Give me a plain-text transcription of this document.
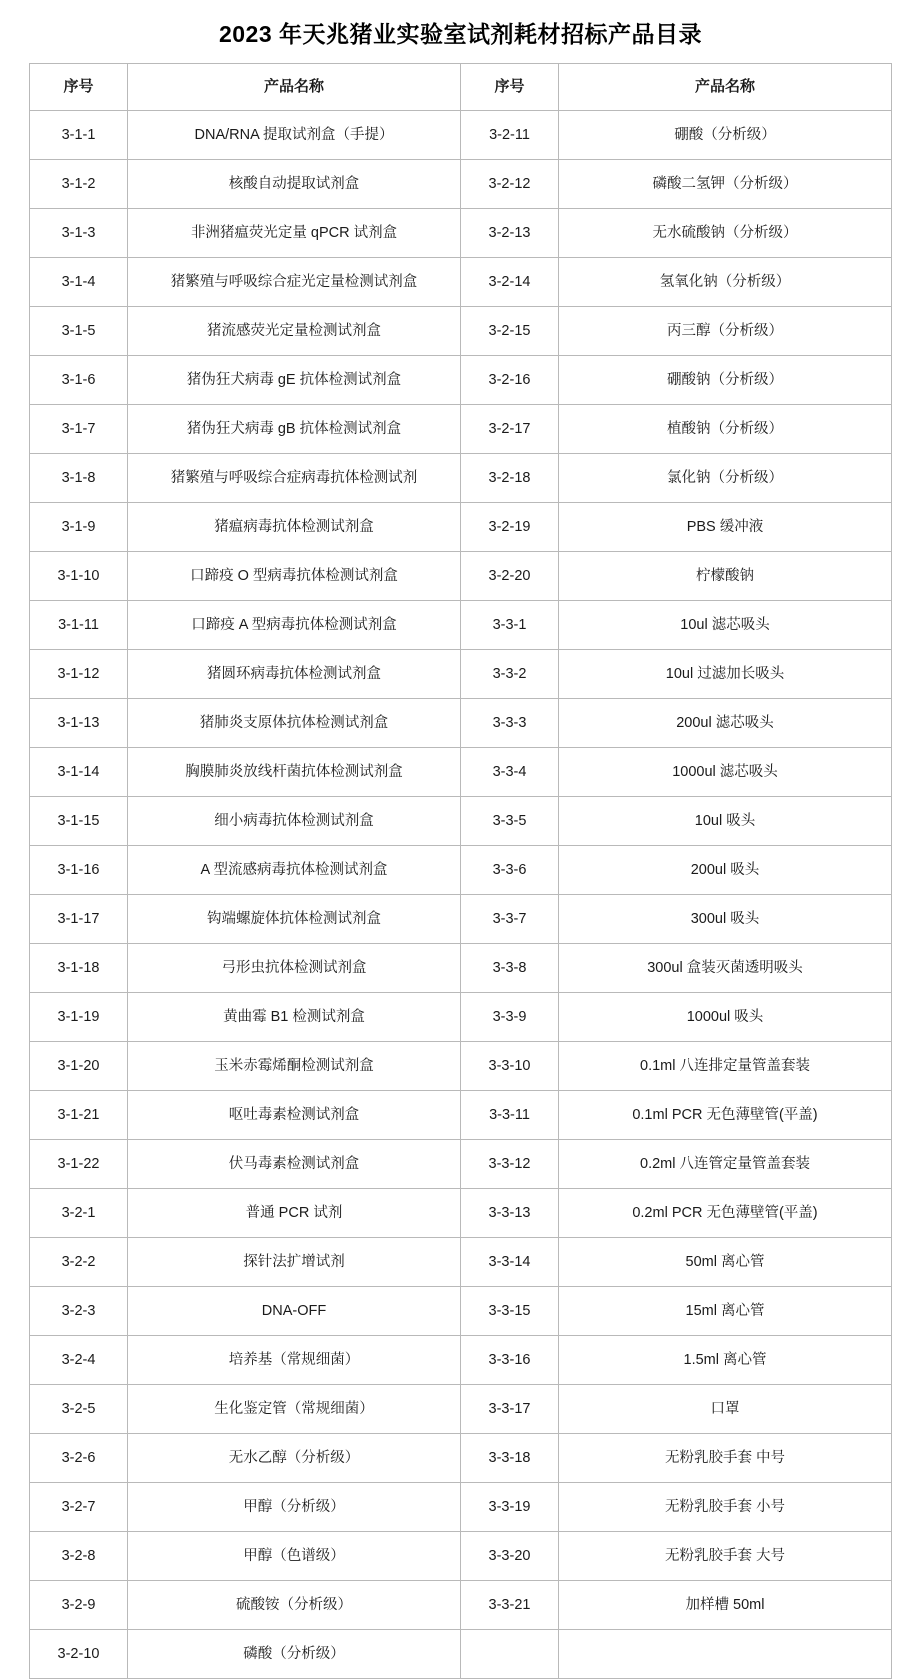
2023 年天兆猪业实验室试剂耗材招标产品目录
序号	产品名称	序号	产品名称
3-1-1	DNA/RNA 提取试剂盒（手提）	3-2-11	硼酸（分析级）
3-1-2	核酸自动提取试剂盒	3-2-12	磷酸二氢钾（分析级）
3-1-3	非洲猪瘟荧光定量 qPCR 试剂盒	3-2-13	无水硫酸钠（分析级）
3-1-4	猪繁殖与呼吸综合症光定量检测试剂盒	3-2-14	氢氧化钠（分析级）
3-1-5	猪流感荧光定量检测试剂盒	3-2-15	丙三醇（分析级）
3-1-6	猪伪狂犬病毒 gE 抗体检测试剂盒	3-2-16	硼酸钠（分析级）
3-1-7	猪伪狂犬病毒 gB 抗体检测试剂盒	3-2-17	植酸钠（分析级）
3-1-8	猪繁殖与呼吸综合症病毒抗体检测试剂	3-2-18	氯化钠（分析级）
3-1-9	猪瘟病毒抗体检测试剂盒	3-2-19	PBS 缓冲液
3-1-10	口蹄疫 O 型病毒抗体检测试剂盒	3-2-20	柠檬酸钠
3-1-11	口蹄疫 A 型病毒抗体检测试剂盒	3-3-1	10ul 滤芯吸头
3-1-12	猪圆环病毒抗体检测试剂盒	3-3-2	10ul 过滤加长吸头
3-1-13	猪肺炎支原体抗体检测试剂盒	3-3-3	200ul 滤芯吸头
3-1-14	胸膜肺炎放线杆菌抗体检测试剂盒	3-3-4	1000ul 滤芯吸头
3-1-15	细小病毒抗体检测试剂盒	3-3-5	10ul 吸头
3-1-16	A 型流感病毒抗体检测试剂盒	3-3-6	200ul 吸头
3-1-17	钩端螺旋体抗体检测试剂盒	3-3-7	300ul 吸头
3-1-18	弓形虫抗体检测试剂盒	3-3-8	300ul 盒装灭菌透明吸头
3-1-19	黄曲霉 B1 检测试剂盒	3-3-9	1000ul 吸头
3-1-20	玉米赤霉烯酮检测试剂盒	3-3-10	0.1ml 八连排定量管盖套装
3-1-21	呕吐毒素检测试剂盒	3-3-11	0.1ml PCR 无色薄壁管(平盖)
3-1-22	伏马毒素检测试剂盒	3-3-12	0.2ml 八连管定量管盖套装
3-2-1	普通 PCR 试剂	3-3-13	0.2ml PCR 无色薄壁管(平盖)
3-2-2	探针法扩增试剂	3-3-14	50ml 离心管
3-2-3	DNA-OFF	3-3-15	15ml 离心管
3-2-4	培养基（常规细菌）	3-3-16	1.5ml 离心管
3-2-5	生化鉴定管（常规细菌）	3-3-17	口罩
3-2-6	无水乙醇（分析级）	3-3-18	无粉乳胶手套 中号
3-2-7	甲醇（分析级）	3-3-19	无粉乳胶手套 小号
3-2-8	甲醇（色谱级）	3-3-20	无粉乳胶手套 大号
3-2-9	硫酸铵（分析级）	3-3-21	加样槽 50ml
3-2-10	磷酸（分析级）		
